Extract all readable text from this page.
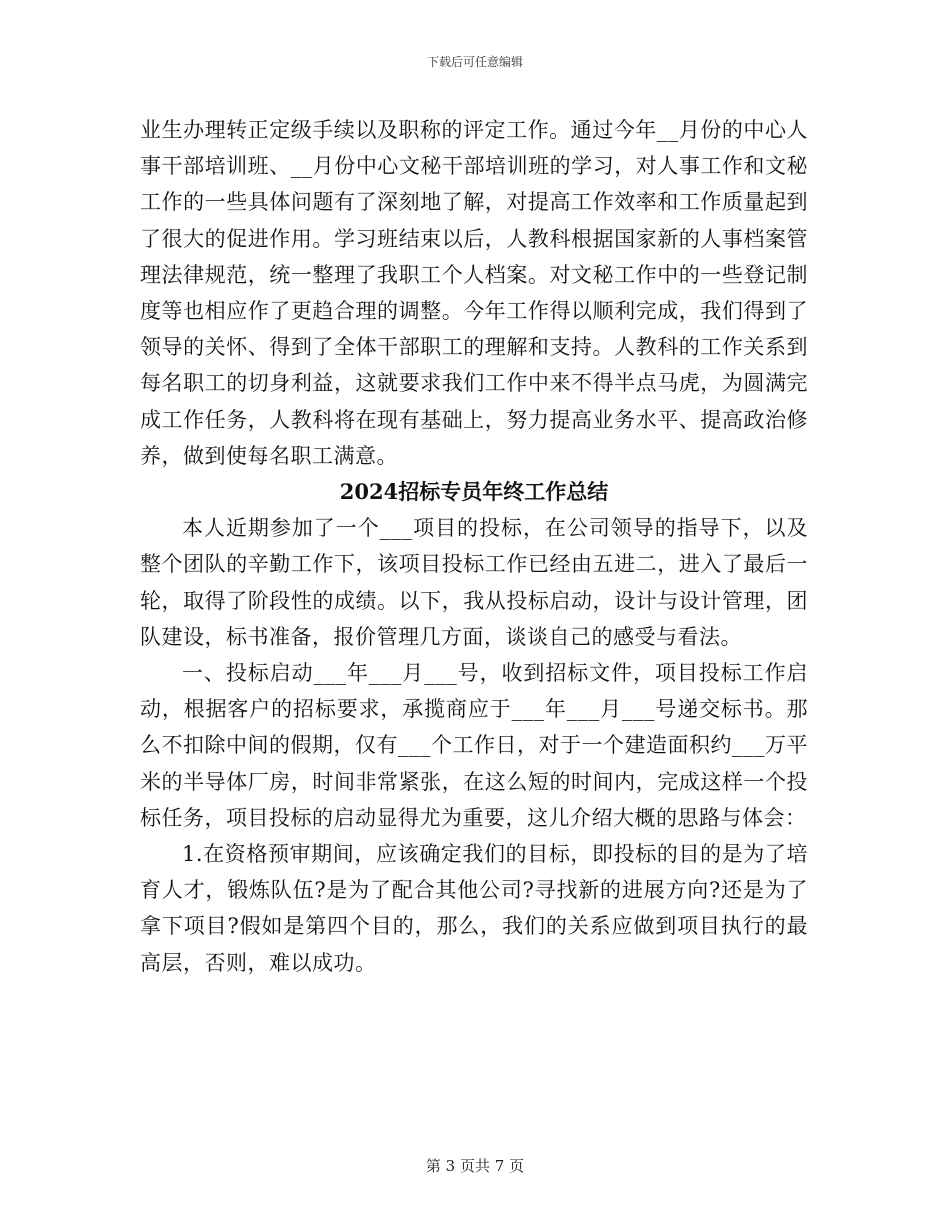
下载后可任意编辑

业生办理转正定级手续以及职称的评定工作。通过今年__月份的中心人事干部培训班、__月份中心文秘干部培训班的学习，对人事工作和文秘工作的一些具体问题有了深刻地了解，对提高工作效率和工作质量起到了很大的促进作用。学习班结束以后，人教科根据国家新的人事档案管理法律规范，统一整理了我职工个人档案。对文秘工作中的一些登记制度等也相应作了更趋合理的调整。今年工作得以顺利完成，我们得到了领导的关怀、得到了全体干部职工的理解和支持。人教科的工作关系到每名职工的切身利益，这就要求我们工作中来不得半点马虎，为圆满完成工作任务，人教科将在现有基础上，努力提高业务水平、提高政治修养，做到使每名职工满意。

2024招标专员年终工作总结

本人近期参加了一个___项目的投标，在公司领导的指导下，以及整个团队的辛勤工作下，该项目投标工作已经由五进二，进入了最后一轮，取得了阶段性的成绩。以下，我从投标启动，设计与设计管理，团队建设，标书准备，报价管理几方面，谈谈自己的感受与看法。

一、投标启动___年___月___号，收到招标文件，项目投标工作启动，根据客户的招标要求，承揽商应于___年___月___号递交标书。那么不扣除中间的假期，仅有___个工作日，对于一个建造面积约___万平米的半导体厂房，时间非常紧张，在这么短的时间内，完成这样一个投标任务，项目投标的启动显得尤为重要，这儿介绍大概的思路与体会：

1.在资格预审期间，应该确定我们的目标，即投标的目的是为了培育人才，锻炼队伍?是为了配合其他公司?寻找新的进展方向?还是为了拿下项目?假如是第四个目的，那么，我们的关系应做到项目执行的最高层，否则，难以成功。

第 3 页共 7 页
